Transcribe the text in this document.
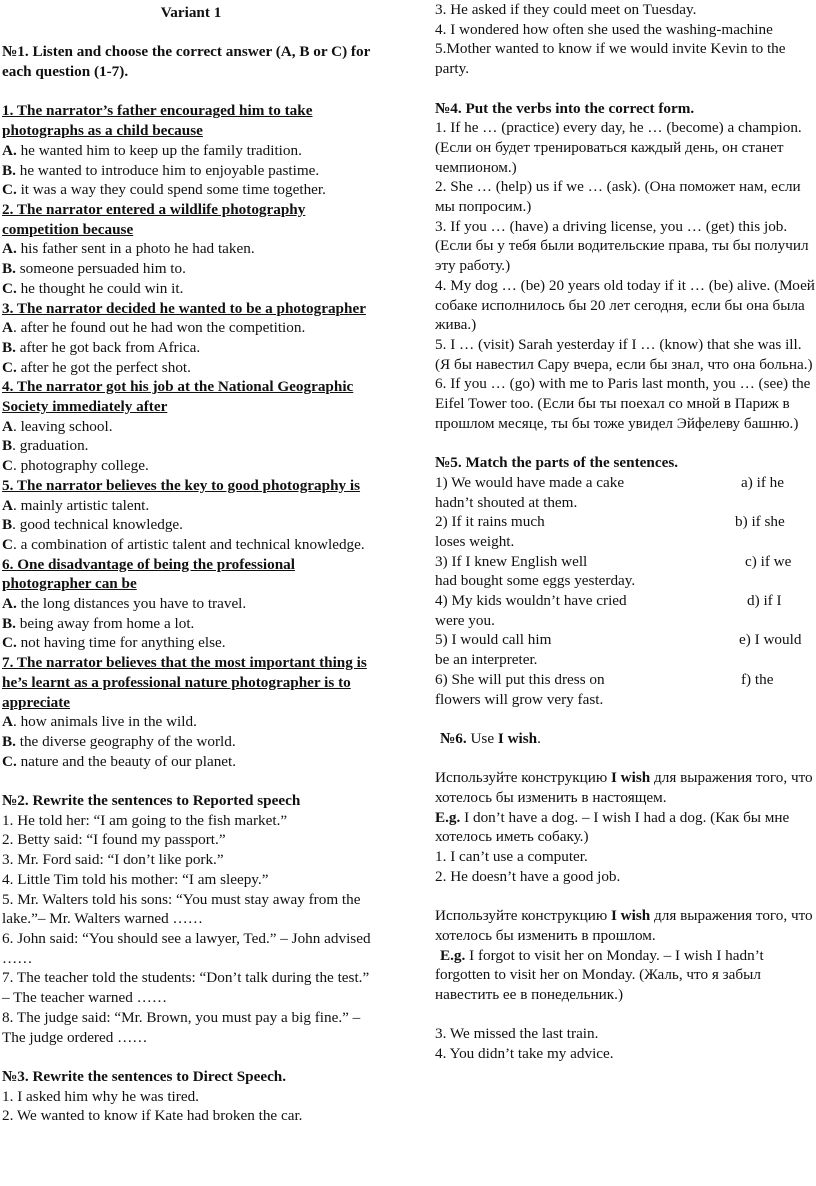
Variant 1

№1. Listen and choose the correct answer (A, B or C) for each question (1-7).

1. The narrator’s father encouraged him to take photographs as a child because

A. he wanted him to keep up the family tradition.

B. he wanted to introduce him to enjoyable pastime.

C. it was a way they could spend some time together.

2. The narrator entered a wildlife photography competition because

A. his father sent in a photo he had taken.

B. someone persuaded him to.

C. he thought he could win it.

3. The narrator decided he wanted to be a photographer

A. after he found out he had won the competition.

B. after he got back from Africa.

C. after he got the perfect shot.

4. The narrator got his job at the National Geographic Society immediately after

A. leaving school.

B. graduation.

C. photography college.

5. The narrator believes the key to good photography is

A. mainly artistic talent.

B. good technical knowledge.

C. a combination of artistic talent and technical knowledge.

6. One disadvantage of being the professional photographer can be

A. the long distances you have to travel.

B. being away from home a lot.

C. not having time for anything else.

7. The narrator believes that the most important thing is he’s learnt as a professional nature photographer is to appreciate

A. how animals live in the wild.

B. the diverse geography of the world.

C. nature and the beauty of our planet.

№2. Rewrite the sentences to Reported speech

1. He told her: “I am going to the fish market.”

2. Betty said: “I found my passport.”

3. Mr. Ford said: “I don’t like pork.”

4. Little Tim told his mother: “I am sleepy.”

5. Mr. Walters told his sons: “You must stay away from the lake.”– Mr. Walters warned ……

6. John said: “You should see a lawyer, Ted.” – John advised ……

7. The teacher told the students: “Don’t talk during the test.” – The teacher warned ……

8. The judge said: “Mr. Brown, you must pay a big fine.” – The judge ordered ……

№3. Rewrite the sentences to Direct Speech.

1. I asked him why he was tired.

2. We wanted to know if Kate had broken the car.

3. He asked if they could meet on Tuesday.

4. I wondered how often she used the washing-machine

5.Mother wanted to know if we would invite Kevin to the party.

№4. Put the verbs into the correct form.

1. If he … (practice) every day, he … (become) a champion. (Если он будет тренироваться каждый день, он станет чемпионом.)

2. She … (help) us if we … (ask). (Она поможет нам, если мы попросим.)

3. If you … (have) a driving license, you … (get) this job. (Если бы у тебя были водительские права, ты бы получил эту работу.)

4. My dog … (be) 20 years old today if it … (be) alive. (Моей собаке исполнилось бы 20 лет сегодня, если бы она была жива.)

5. I … (visit) Sarah yesterday if I … (know) that she was ill. (Я бы навестил Сару вчера, если бы знал, что она больна.)

6. If you … (go) with me to Paris last month, you … (see) the Eifel Tower too. (Если бы ты поехал со мной в Париж в прошлом месяце, ты бы тоже увидел Эйфелеву башню.)

№5. Match the parts of the sentences.

1) We would have made a cake	a) if he

hadn’t shouted at them.

2) If it rains much	b) if she

loses weight.

3) If I knew English well	c) if we

had bought some eggs yesterday.

4) My kids wouldn’t have cried	d) if I

were you.

5) I would call him	e) I would

be an interpreter.

6) She will put this dress on	f) the

flowers will grow very fast.

№6. Use I wish.

Используйте конструкцию I wish для выражения того, что хотелось бы изменить в настоящем.

E.g. I don’t have a dog. – I wish I had a dog. (Как бы мне хотелось иметь собаку.)

1. I can’t use a computer.

2. He doesn’t have a good job.

Используйте конструкцию I wish для выражения того, что хотелось бы изменить в прошлом.

E.g. I forgot to visit her on Monday. – I wish I hadn’t forgotten to visit her on Monday. (Жаль, что я забыл навестить ее в понедельник.)

3. We missed the last train.

4. You didn’t take my advice.
